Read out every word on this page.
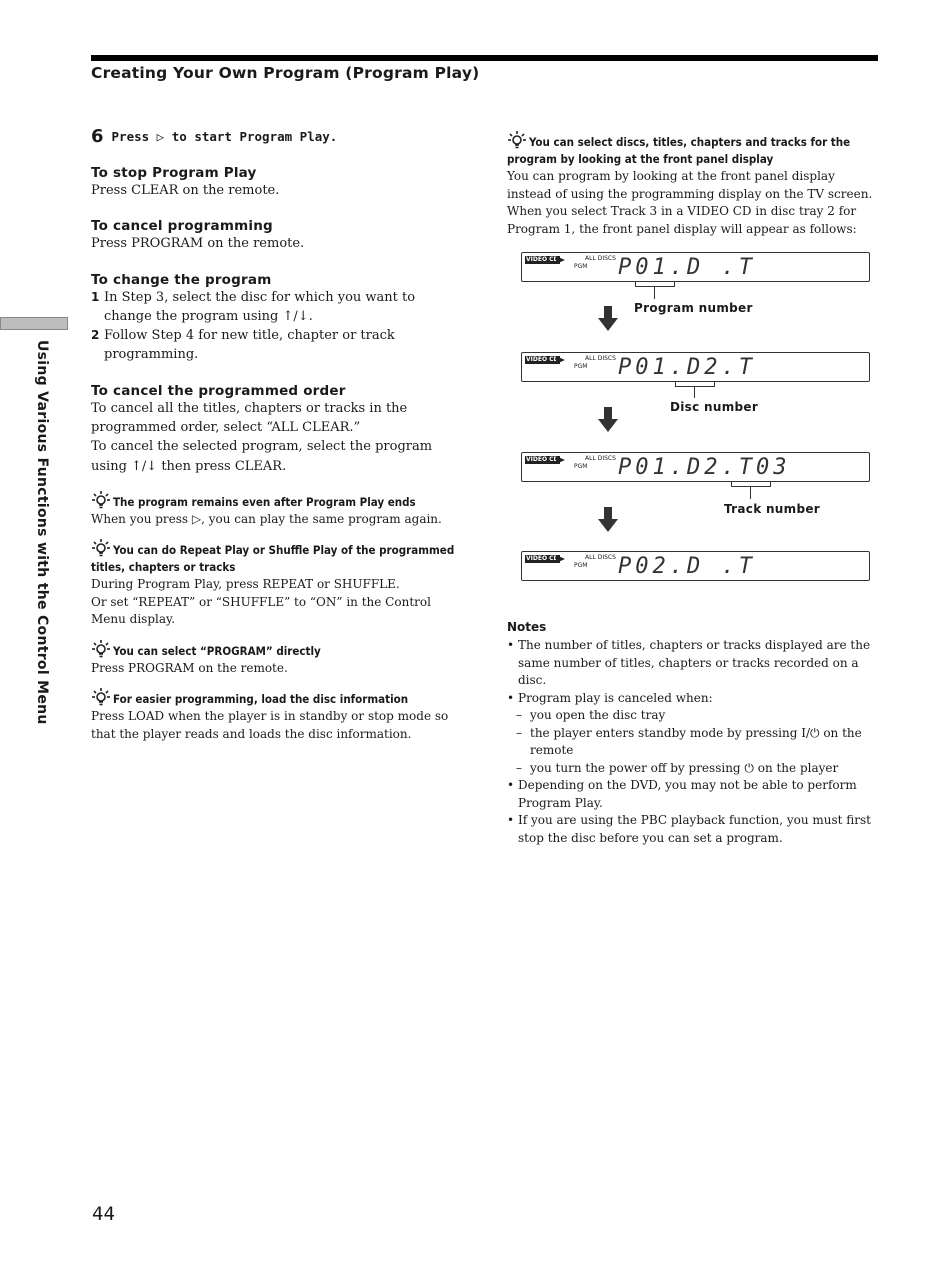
Creating Your Own Program (Program Play)
Using Various Functions with the Control Menu
6 Press ▷ to start Program Play.
To stop Program Play

Press CLEAR on the remote.

To cancel programming

Press PROGRAM on the remote.

To change the program
1 In Step 3, select the disc for which you want to change the program using ↑/↓.
2 Follow Step 4 for new title, chapter or track programming.
To cancel the programmed order

To cancel all the titles, chapters or tracks in the programmed order, select “ALL CLEAR.”

To cancel the selected program, select the program using ↑/↓ then press CLEAR.

The program remains even after Program Play ends

When you press ▷, you can play the same program again.

You can do Repeat Play or Shuffle Play of the programmed titles, chapters or tracks

During Program Play, press REPEAT or SHUFFLE.

Or set “REPEAT” or “SHUFFLE” to “ON” in the Control Menu display.

You can select “PROGRAM” directly

Press PROGRAM on the remote.

For easier programming, load the disc information

Press LOAD when the player is in standby or stop mode so that the player reads and loads the disc information.

You can select discs, titles, chapters and tracks for the program by looking at the front panel display

You can program by looking at the front panel display instead of using the programming display on the TV screen.

When you select Track 3 in a VIDEO CD in disc tray 2 for Program 1, the front panel display will appear as follows:

VIDEO CD	ALL DISCS
PGM P01.D .T
Program number
VIDEO CD	ALL DISCS
PGM P01.D2.T
Disc number
VIDEO CD	ALL DISCS
PGM P01.D2.T03
Track number
VIDEO CD	ALL DISCS
PGM P02.D .T
Notes
• The number of titles, chapters or tracks displayed are the same number of titles, chapters or tracks recorded on a disc.
• Program play is canceled when:
– you open the disc tray
– the player enters standby mode by pressing I/⏻ on the remote
– you turn the power off by pressing ⏻ on the player
• Depending on the DVD, you may not be able to perform Program Play.
• If you are using the PBC playback function, you must first stop the disc before you can set a program.
44
